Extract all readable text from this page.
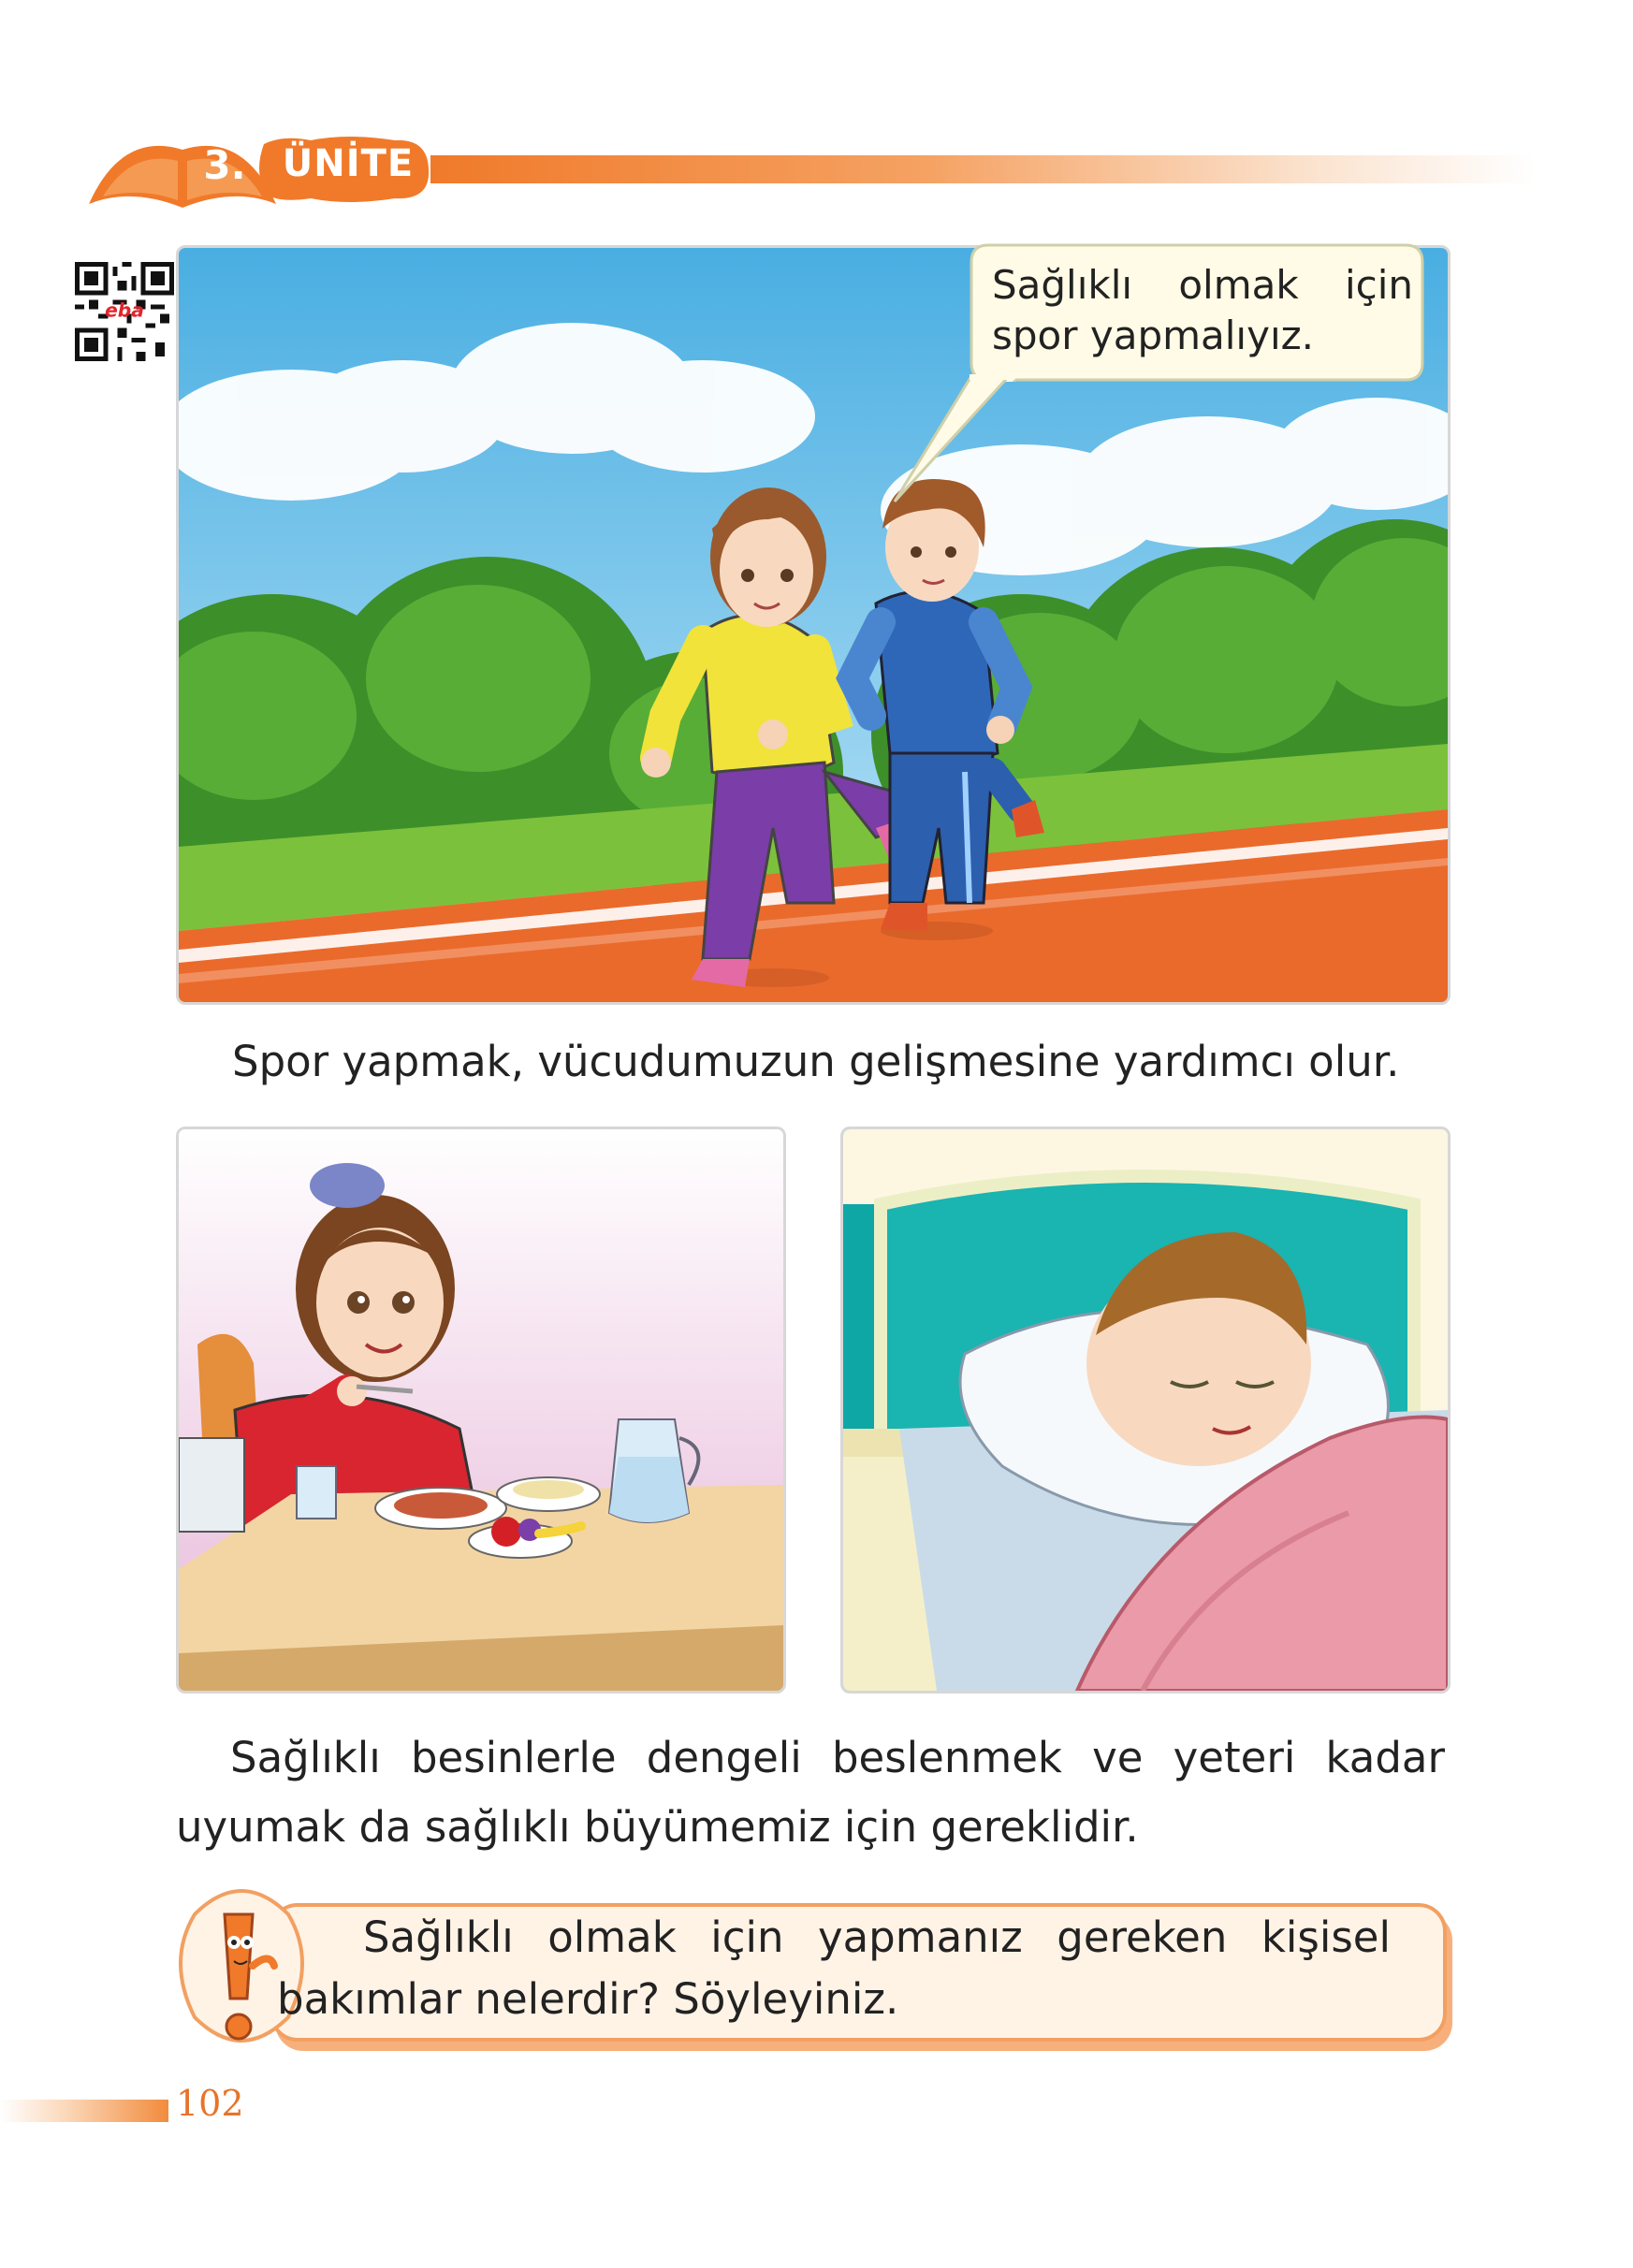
3. ÜNİTE
eba
Sağlıklı olmak için spor yapmalıyız.
Spor yapmak, vücudumuzun gelişmesine yardımcı olur.
Sağlıklı besinlerle dengeli beslenmek ve yeteri kadar uyumak da sağlıklı büyümemiz için gereklidir.
Sağlıklı olmak için yapmanız gereken kişisel bakımlar nelerdir? Söyleyiniz.
102
